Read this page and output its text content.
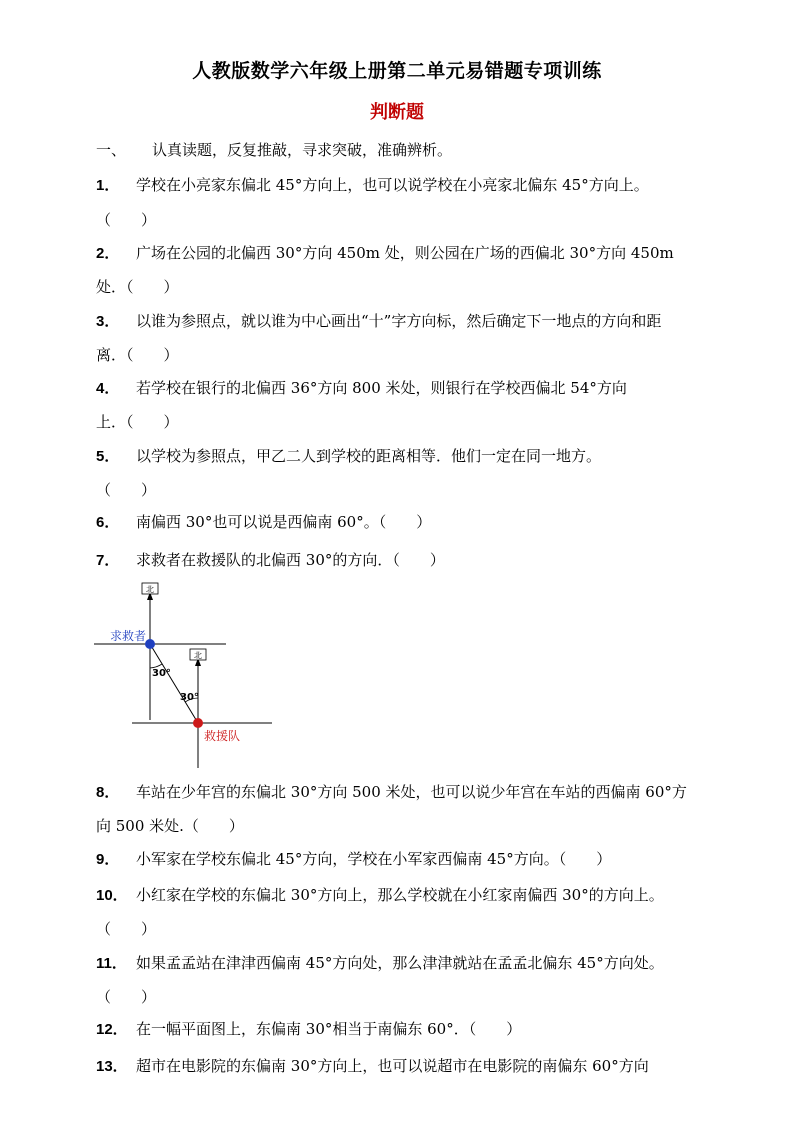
人教版数学六年级上册第二单元易错题专项训练
判断题
一、 认真读题，反复推敲，寻求突破，准确辨析。
1． 学校在小亮家东偏北 45°方向上，也可以说学校在小亮家北偏东 45°方向上。
（　　）
2． 广场在公园的北偏西 30°方向 450m 处，则公园在广场的西偏北 30°方向 450m
处．（　　）
3． 以谁为参照点，就以谁为中心画出“十”字方向标，然后确定下一地点的方向和距
离．（　　）
4． 若学校在银行的北偏西 36°方向 800 米处，则银行在学校西偏北 54°方向
上．（　　）
5． 以学校为参照点，甲乙二人到学校的距离相等．他们一定在同一地方。
（　　）
6． 南偏西 30°也可以说是西偏南 60°。（　　）
7． 求救者在救援队的北偏西 30°的方向．（　　）
北
北
30°
30°
求救者
救援队
8． 车站在少年宫的东偏北 30°方向 500 米处，也可以说少年宫在车站的西偏南 60°方
向 500 米处.（　　）
9． 小军家在学校东偏北 45°方向，学校在小军家西偏南 45°方向。（　　）
10． 小红家在学校的东偏北 30°方向上，那么学校就在小红家南偏西 30°的方向上。
（　　）
11． 如果孟孟站在津津西偏南 45°方向处，那么津津就站在孟孟北偏东 45°方向处。
（　　）
12． 在一幅平面图上，东偏南 30°相当于南偏东 60°．（　　）
13． 超市在电影院的东偏南 30°方向上，也可以说超市在电影院的南偏东 60°方向
